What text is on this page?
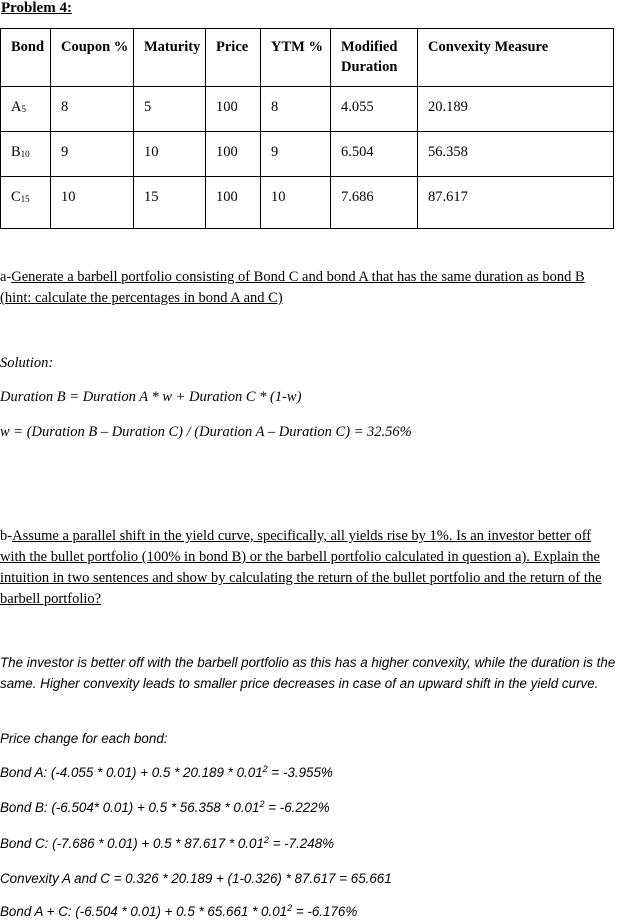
Problem 4:
Bond	Coupon %	Maturity	Price	YTM %	Modified Duration	Convexity Measure
$A_5$	8	5	100	8	4.055	20.189
$B_{10}$	9	10	100	9	6.504	56.358
$C_{15}$	10	15	100	10	7.686	87.617
a-Generate a barbell portfolio consisting of Bond C and bond A that has the same duration as bond B (hint: calculate the percentages in bond A and C)
Solution:
Duration B = Duration A * w + Duration C * (1-w)
w = (Duration B – Duration C) / (Duration A – Duration C) = 32.56%
b-Assume a parallel shift in the yield curve, specifically, all yields rise by 1%. Is an investor better off with the bullet portfolio (100% in bond B) or the barbell portfolio calculated in question a). Explain the intuition in two sentences and show by calculating the return of the bullet portfolio and the return of the barbell portfolio?
The investor is better off with the barbell portfolio as this has a higher convexity, while the duration is the same. Higher convexity leads to smaller price decreases in case of an upward shift in the yield curve.
Price change for each bond:
Bond A: $(-4.055 * 0.01) + 0.5 * 20.189 * 0.01^2 = -3.955\%$
Bond B: (-6.504* $0.01) + 0.5 * 56.358 * 0.01^2 = -6.222\%$
Bond C: $(-7.686 * 0.01) + 0.5 * 87.617 * 0.01^2 = -7.248\%$
Convexity A and C = 0.326 * 20.189 + (1-0.326) * 87.617 = 65.661
Bond A + C: $(-6.504 * 0.01) + 0.5 * 65.661 * 0.01^2 = -6.176\%$
